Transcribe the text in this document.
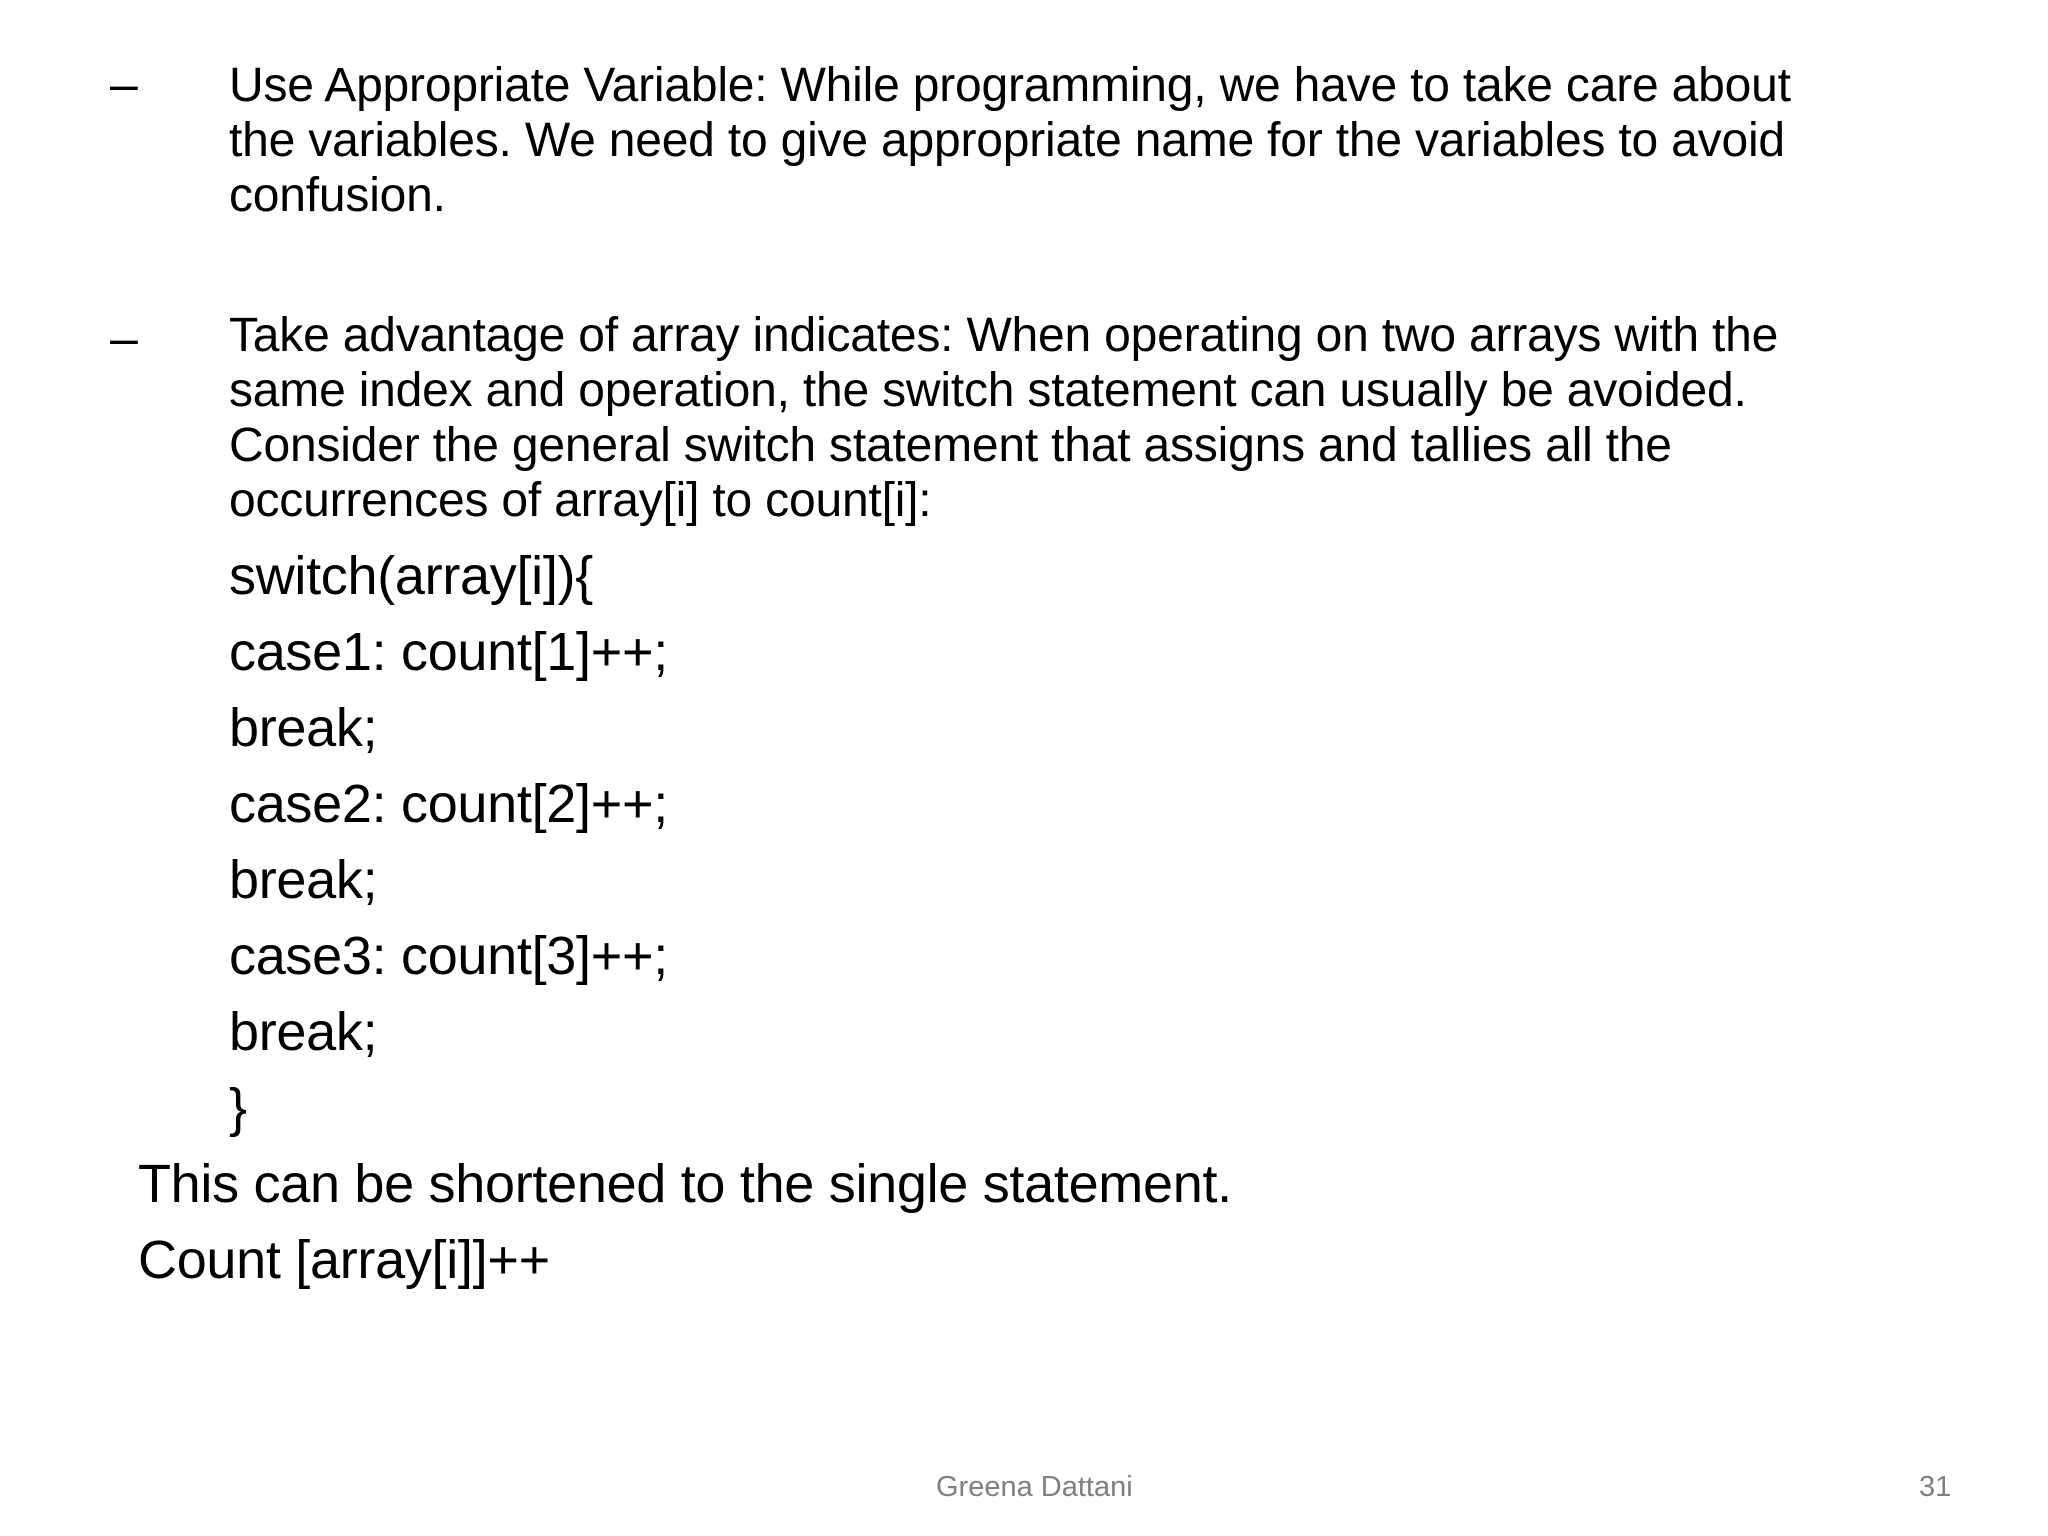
– Use Appropriate Variable: While programming, we have to take care about the variables. We need to give appropriate name for the variables to avoid confusion.
– Take advantage of array indicates: When operating on two arrays with the same index and operation, the switch statement can usually be avoided. Consider the general switch statement that assigns and tallies all the occurrences of array[i] to count[i]:
switch(array[i]){
case1: count[1]++;
break;
case2: count[2]++;
break;
case3: count[3]++;
break;
}
This can be shortened to the single statement.
Count [array[i]]++
Greena Dattani	31
